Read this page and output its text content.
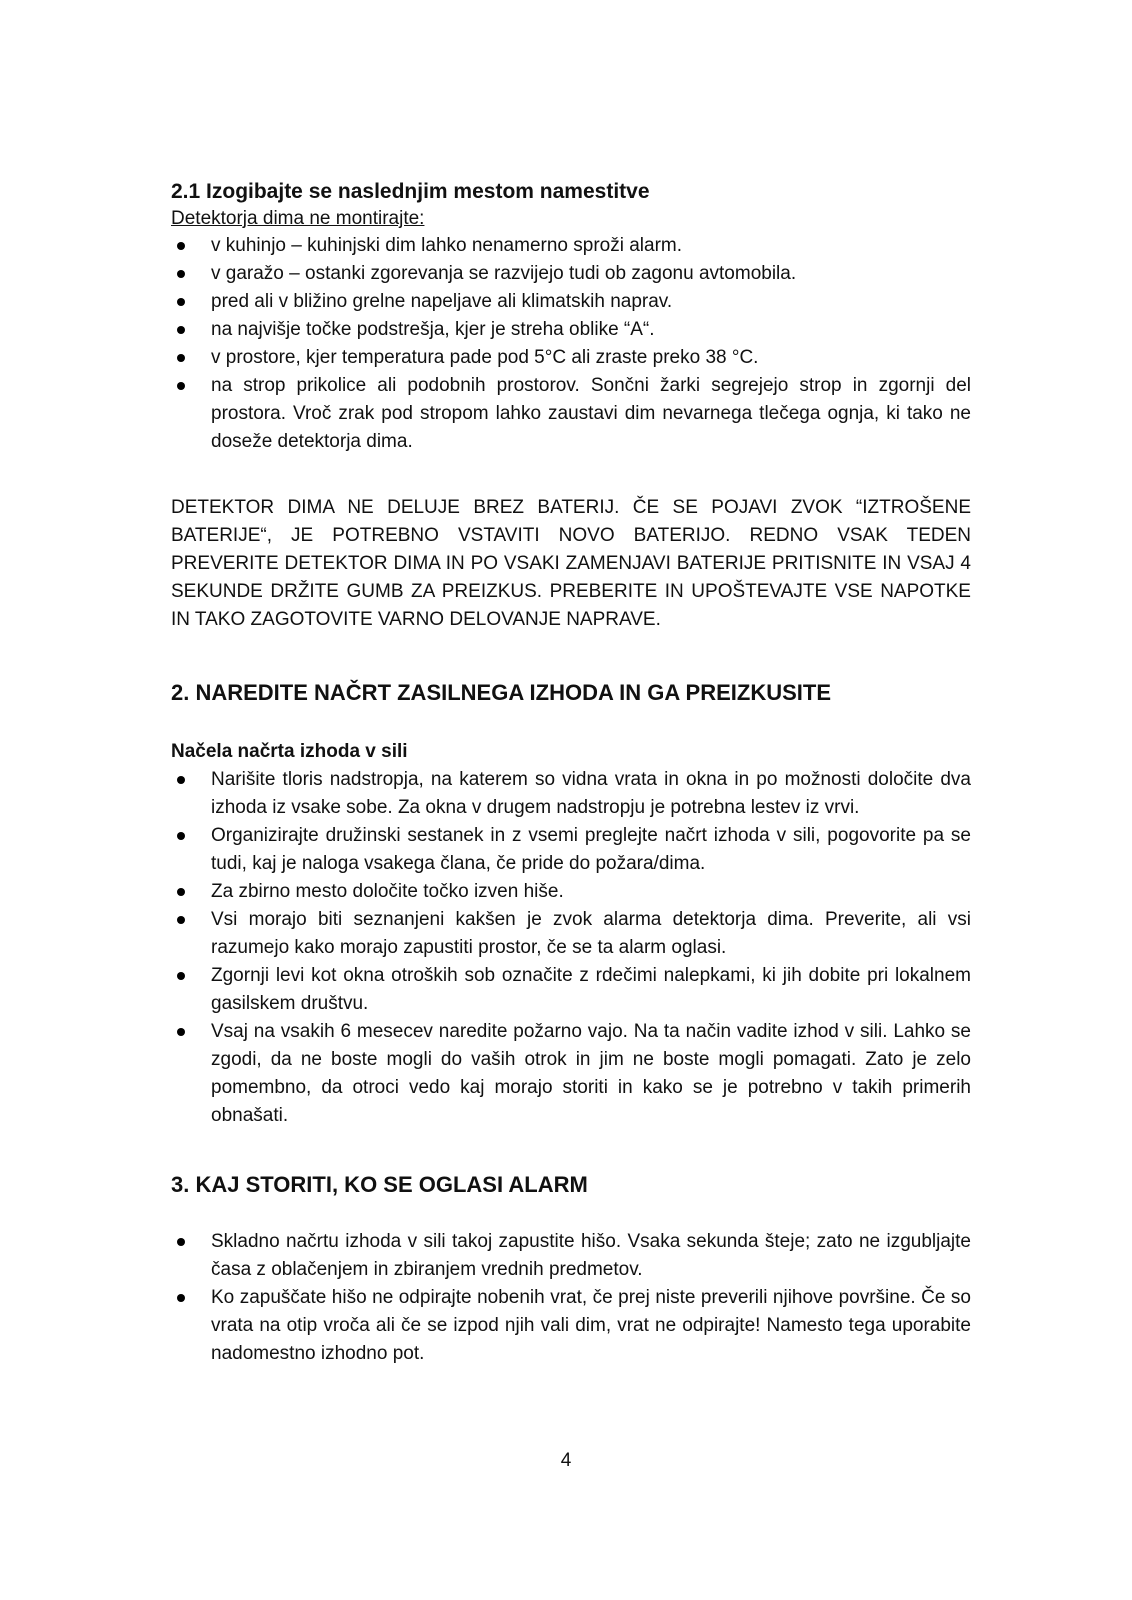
2.1 Izogibajte se naslednjim mestom namestitve

Detektorja dima ne montirajte:

v kuhinjo – kuhinjski dim lahko nenamerno sproži alarm.
v garažo – ostanki zgorevanja se razvijejo tudi ob zagonu avtomobila.
pred ali v bližino grelne napeljave ali klimatskih naprav.
na najvišje točke podstrešja, kjer je streha oblike “A“.
v prostore, kjer temperatura pade pod 5°C ali zraste preko 38 °C.
na strop prikolice ali podobnih prostorov. Sončni žarki segrejejo strop in zgornji del prostora. Vroč zrak pod stropom lahko zaustavi dim nevarnega tlečega ognja, ki tako ne doseže detektorja dima.

DETEKTOR DIMA NE DELUJE BREZ BATERIJ. ČE SE POJAVI ZVOK “IZTROŠENE BATERIJE“, JE POTREBNO VSTAVITI NOVO BATERIJO. REDNO VSAK TEDEN PREVERITE DETEKTOR DIMA IN PO VSAKI ZAMENJAVI BATERIJE PRITISNITE IN VSAJ 4 SEKUNDE DRŽITE GUMB ZA PREIZKUS. PREBERITE IN UPOŠTEVAJTE VSE NAPOTKE IN TAKO ZAGOTOVITE VARNO DELOVANJE NAPRAVE.

2. NAREDITE NAČRT ZASILNEGA IZHODA IN GA PREIZKUSITE
Načela načrta izhoda v sili
Narišite tloris nadstropja, na katerem so vidna vrata in okna in po možnosti določite dva izhoda iz vsake sobe. Za okna v drugem nadstropju je potrebna lestev iz vrvi.
Organizirajte družinski sestanek in z vsemi preglejte načrt izhoda v sili, pogovorite pa se tudi, kaj je naloga vsakega člana, če pride do požara/dima.
Za zbirno mesto določite točko izven hiše.
Vsi morajo biti seznanjeni kakšen je zvok alarma detektorja dima. Preverite, ali vsi razumejo kako morajo zapustiti prostor, če se ta alarm oglasi.
Zgornji levi kot okna otroških sob označite z rdečimi nalepkami, ki jih dobite pri lokalnem gasilskem društvu.
Vsaj na vsakih 6 mesecev naredite požarno vajo. Na ta način vadite izhod v sili. Lahko se zgodi, da ne boste mogli do vaših otrok in jim ne boste mogli pomagati. Zato je zelo pomembno, da otroci vedo kaj morajo storiti in kako se je potrebno v takih primerih obnašati.
3. KAJ STORITI, KO SE OGLASI ALARM
Skladno načrtu izhoda v sili takoj zapustite hišo. Vsaka sekunda šteje; zato ne izgubljajte časa z oblačenjem in zbiranjem vrednih predmetov.
Ko zapuščate hišo ne odpirajte nobenih vrat, če prej niste preverili njihove površine. Če so vrata na otip vroča ali če se izpod njih vali dim, vrat ne odpirajte! Namesto tega uporabite nadomestno izhodno pot.
4
